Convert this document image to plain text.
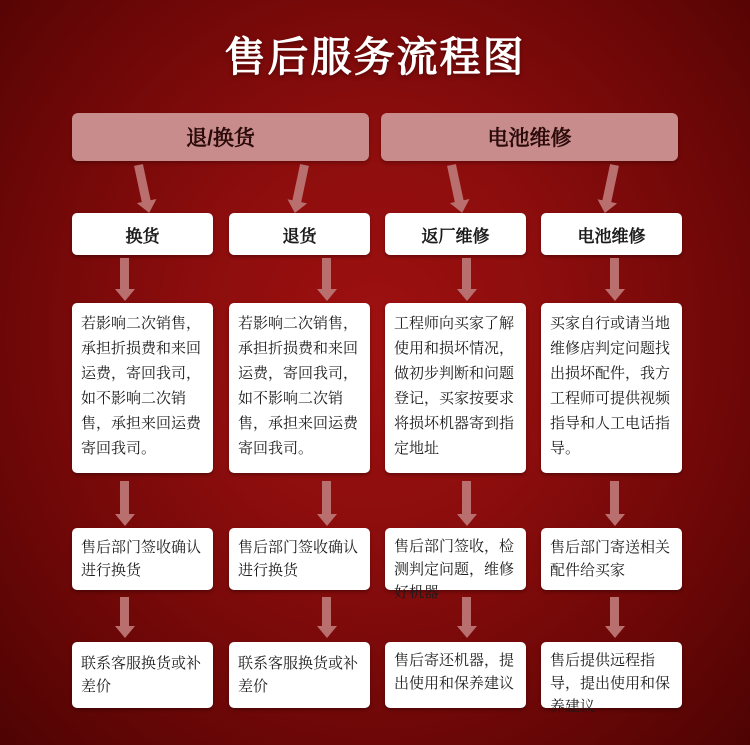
售后服务流程图
退/换货	电池维修
换货	退货	返厂维修	电池维修
若影响二次销售，承担折损费和来回运费，寄回我司，如不影响二次销售，承担来回运费寄回我司。
若影响二次销售，承担折损费和来回运费，寄回我司，如不影响二次销售，承担来回运费寄回我司。
工程师向买家了解使用和损坏情况，做初步判断和问题登记，买家按要求将损坏机器寄到指定地址
买家自行或请当地维修店判定问题找出损坏配件，我方工程师可提供视频指导和人工电话指导。
售后部门签收确认进行换货
售后部门签收确认进行换货
售后部门签收，检测判定问题，维修好机器
售后部门寄送相关配件给买家
联系客服换货或补差价
联系客服换货或补差价
售后寄还机器，提出使用和保养建议
售后提供远程指导，提出使用和保养建议
